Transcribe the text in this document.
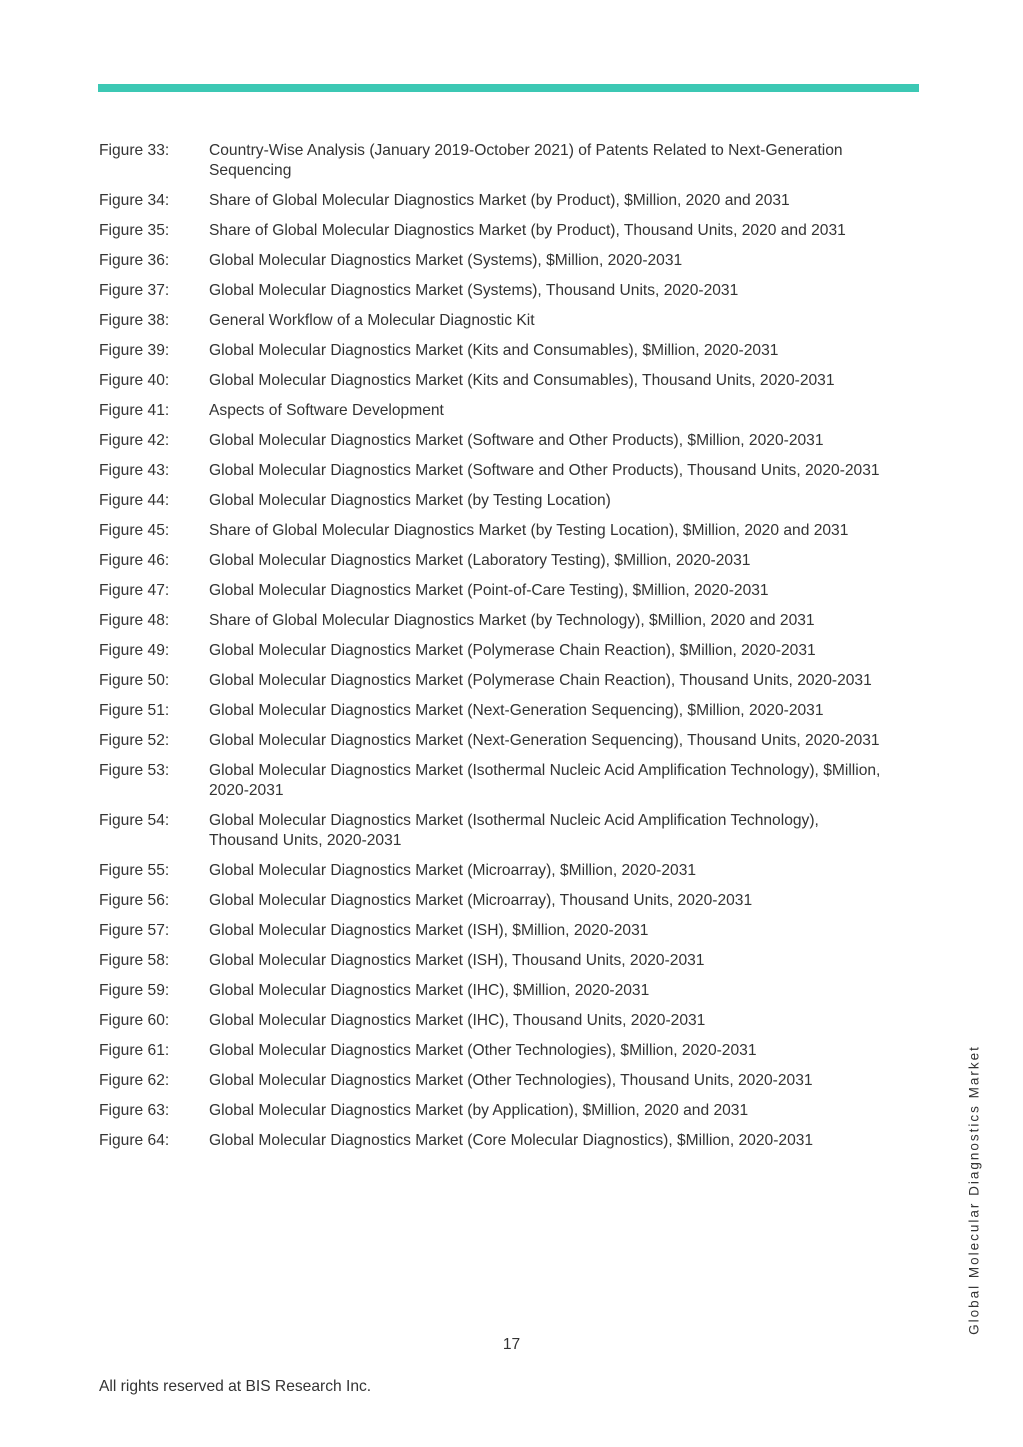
Figure 33:	Country-Wise Analysis (January 2019-October 2021) of Patents Related to Next-Generation Sequencing
Figure 34:	Share of Global Molecular Diagnostics Market (by Product), $Million, 2020 and 2031
Figure 35:	Share of Global Molecular Diagnostics Market (by Product), Thousand Units, 2020 and 2031
Figure 36:	Global Molecular Diagnostics Market (Systems), $Million, 2020-2031
Figure 37:	Global Molecular Diagnostics Market (Systems), Thousand Units, 2020-2031
Figure 38:	General Workflow of a Molecular Diagnostic Kit
Figure 39:	Global Molecular Diagnostics Market (Kits and Consumables), $Million, 2020-2031
Figure 40:	Global Molecular Diagnostics Market (Kits and Consumables), Thousand Units, 2020-2031
Figure 41:	Aspects of Software Development
Figure 42:	Global Molecular Diagnostics Market (Software and Other Products), $Million, 2020-2031
Figure 43:	Global Molecular Diagnostics Market (Software and Other Products), Thousand Units, 2020-2031
Figure 44:	Global Molecular Diagnostics Market (by Testing Location)
Figure 45:	Share of Global Molecular Diagnostics Market (by Testing Location), $Million, 2020 and 2031
Figure 46:	Global Molecular Diagnostics Market (Laboratory Testing), $Million, 2020-2031
Figure 47:	Global Molecular Diagnostics Market (Point-of-Care Testing), $Million, 2020-2031
Figure 48:	Share of Global Molecular Diagnostics Market (by Technology), $Million, 2020 and 2031
Figure 49:	Global Molecular Diagnostics Market (Polymerase Chain Reaction), $Million, 2020-2031
Figure 50:	Global Molecular Diagnostics Market (Polymerase Chain Reaction), Thousand Units, 2020-2031
Figure 51:	Global Molecular Diagnostics Market (Next-Generation Sequencing), $Million, 2020-2031
Figure 52:	Global Molecular Diagnostics Market (Next-Generation Sequencing), Thousand Units, 2020-2031
Figure 53:	Global Molecular Diagnostics Market (Isothermal Nucleic Acid Amplification Technology), $Million, 2020-2031
Figure 54:	Global Molecular Diagnostics Market (Isothermal Nucleic Acid Amplification Technology), Thousand Units, 2020-2031
Figure 55:	Global Molecular Diagnostics Market (Microarray), $Million, 2020-2031
Figure 56:	Global Molecular Diagnostics Market (Microarray), Thousand Units, 2020-2031
Figure 57:	Global Molecular Diagnostics Market (ISH), $Million, 2020-2031
Figure 58:	Global Molecular Diagnostics Market (ISH), Thousand Units, 2020-2031
Figure 59:	Global Molecular Diagnostics Market (IHC), $Million, 2020-2031
Figure 60:	Global Molecular Diagnostics Market (IHC), Thousand Units, 2020-2031
Figure 61:	Global Molecular Diagnostics Market (Other Technologies), $Million, 2020-2031
Figure 62:	Global Molecular Diagnostics Market (Other Technologies), Thousand Units, 2020-2031
Figure 63:	Global Molecular Diagnostics Market (by Application), $Million, 2020 and 2031
Figure 64:	Global Molecular Diagnostics Market (Core Molecular Diagnostics), $Million, 2020-2031
17
All rights reserved at BIS Research Inc.
Global Molecular Diagnostics Market
